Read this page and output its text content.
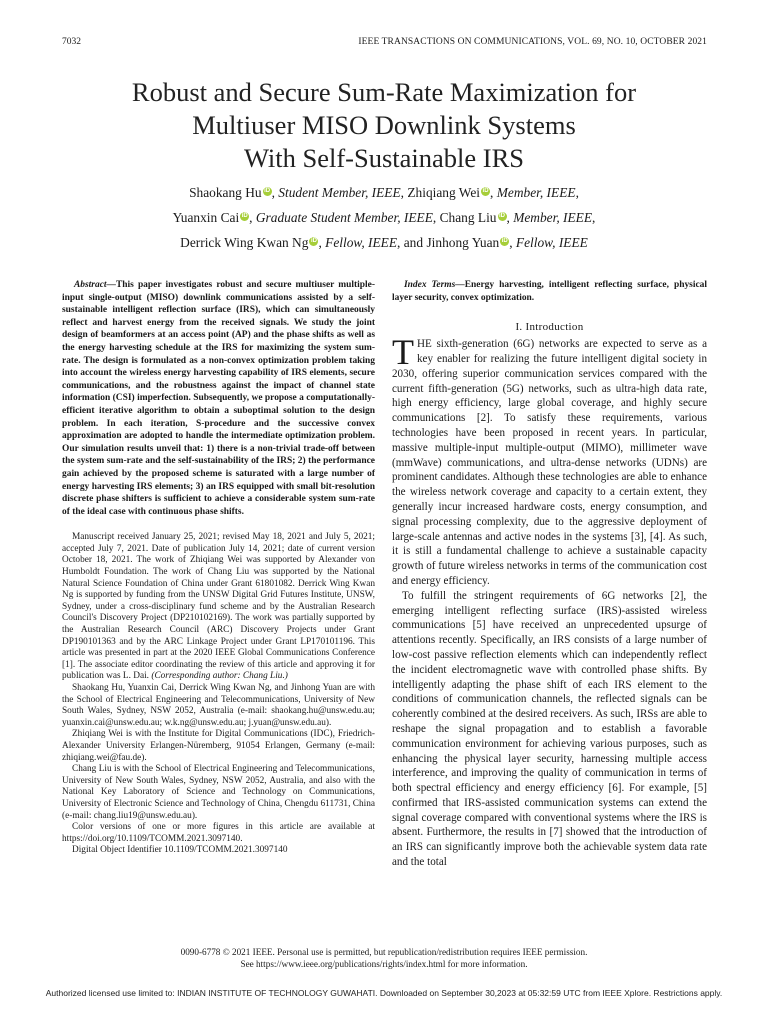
7032	IEEE TRANSACTIONS ON COMMUNICATIONS, VOL. 69, NO. 10, OCTOBER 2021
Robust and Secure Sum-Rate Maximization for
Multiuser MISO Downlink Systems
With Self-Sustainable IRS
Shaokang Hu iD , Student Member, IEEE, Zhiqiang Wei iD , Member, IEEE,
Yuanxin Cai iD , Graduate Student Member, IEEE, Chang Liu iD , Member, IEEE,
Derrick Wing Kwan Ng iD , Fellow, IEEE, and Jinhong Yuan iD , Fellow, IEEE

Abstract—This paper investigates robust and secure multiuser multiple-input single-output (MISO) downlink communications assisted by a self-sustainable intelligent reflection surface (IRS), which can simultaneously reflect and harvest energy from the received signals. We study the joint design of beamformers at an access point (AP) and the phase shifts as well as the energy harvesting schedule at the IRS for maximizing the system sum-rate. The design is formulated as a non-convex optimization problem taking into account the wireless energy harvesting capability of IRS elements, secure communications, and the robustness against the impact of channel state information (CSI) imperfection. Subsequently, we propose a computationally-efficient iterative algorithm to obtain a suboptimal solution to the design problem. In each iteration, S-procedure and the successive convex approximation are adopted to handle the intermediate optimization problem. Our simulation results unveil that: 1) there is a non-trivial trade-off between the system sum-rate and the self-sustainability of the IRS; 2) the performance gain achieved by the proposed scheme is saturated with a large number of energy harvesting IRS elements; 3) an IRS equipped with small bit-resolution discrete phase shifters is sufficient to achieve a considerable system sum-rate of the ideal case with continuous phase shifts.

Manuscript received January 25, 2021; revised May 18, 2021 and July 5, 2021; accepted July 7, 2021. Date of publication July 14, 2021; date of current version October 18, 2021. The work of Zhiqiang Wei was supported by Alexander von Humboldt Foundation. The work of Chang Liu was supported by the National Natural Science Foundation of China under Grant 61801082. Derrick Wing Kwan Ng is supported by funding from the UNSW Digital Grid Futures Institute, UNSW, Sydney, under a cross-disciplinary fund scheme and by the Australian Research Council's Discovery Project (DP210102169). The work was partially supported by the Australian Research Council (ARC) Discovery Projects under Grant DP190101363 and by the ARC Linkage Project under Grant LP170101196. This article was presented in part at the 2020 IEEE Global Communications Conference [1]. The associate editor coordinating the review of this article and approving it for publication was L. Dai. (Corresponding author: Chang Liu.)

Shaokang Hu, Yuanxin Cai, Derrick Wing Kwan Ng, and Jinhong Yuan are with the School of Electrical Engineering and Telecommunications, University of New South Wales, Sydney, NSW 2052, Australia (e-mail: shaokang.hu@unsw.edu.au; yuanxin.cai@unsw.edu.au; w.k.ng@unsw.edu.au; j.yuan@unsw.edu.au).

Zhiqiang Wei is with the Institute for Digital Communications (IDC), Friedrich-Alexander University Erlangen-Nüremberg, 91054 Erlangen, Germany (e-mail: zhiqiang.wei@fau.de).

Chang Liu is with the School of Electrical Engineering and Telecommunications, University of New South Wales, Sydney, NSW 2052, Australia, and also with the National Key Laboratory of Science and Technology on Communications, University of Electronic Science and Technology of China, Chengdu 611731, China (e-mail: chang.liu19@unsw.edu.au).

Color versions of one or more figures in this article are available at https://doi.org/10.1109/TCOMM.2021.3097140.

Digital Object Identifier 10.1109/TCOMM.2021.3097140

Index Terms—Energy harvesting, intelligent reflecting surface, physical layer security, convex optimization.

I. Introduction

THE sixth-generation (6G) networks are expected to serve as a key enabler for realizing the future intelligent digital society in 2030, offering superior communication services compared with the current fifth-generation (5G) networks, such as ultra-high data rate, high energy efficiency, large global coverage, and highly secure communications [2]. To satisfy these requirements, various technologies have been proposed in recent years. In particular, massive multiple-input multiple-output (MIMO), millimeter wave (mmWave) communications, and ultra-dense networks (UDNs) are prominent candidates. Although these technologies are able to enhance the wireless network coverage and capacity to a certain extent, they generally incur increased hardware costs, energy consumption, and signal processing complexity, due to the aggressive deployment of large-scale antennas and active nodes in the systems [3], [4]. As such, it is still a fundamental challenge to achieve a sustainable capacity growth of future wireless networks in terms of the communication cost and energy efficiency.

To fulfill the stringent requirements of 6G networks [2], the emerging intelligent reflecting surface (IRS)-assisted wireless communications [5] have received an unprecedented upsurge of attentions recently. Specifically, an IRS consists of a large number of low-cost passive reflection elements which can independently reflect the incident electromagnetic wave with controlled phase shifts. By intelligently adapting the phase shift of each IRS element to the conditions of communication channels, the reflected signals can be coherently combined at the desired receivers. As such, IRSs are able to reshape the signal propagation and to establish a favorable communication environment for achieving various purposes, such as enhancing the physical layer security, harnessing multiple access interference, and improving the quality of communication in terms of both spectral efficiency and energy efficiency [6]. For example, [5] confirmed that IRS-assisted communication systems can extend the signal coverage compared with conventional systems where the IRS is absent. Furthermore, the results in [7] showed that the introduction of an IRS can significantly improve both the achievable system data rate and the total

0090-6778 © 2021 IEEE. Personal use is permitted, but republication/redistribution requires IEEE permission.
See https://www.ieee.org/publications/rights/index.html for more information.
Authorized licensed use limited to: INDIAN INSTITUTE OF TECHNOLOGY GUWAHATI. Downloaded on September 30,2023 at 05:32:59 UTC from IEEE Xplore. Restrictions apply.
